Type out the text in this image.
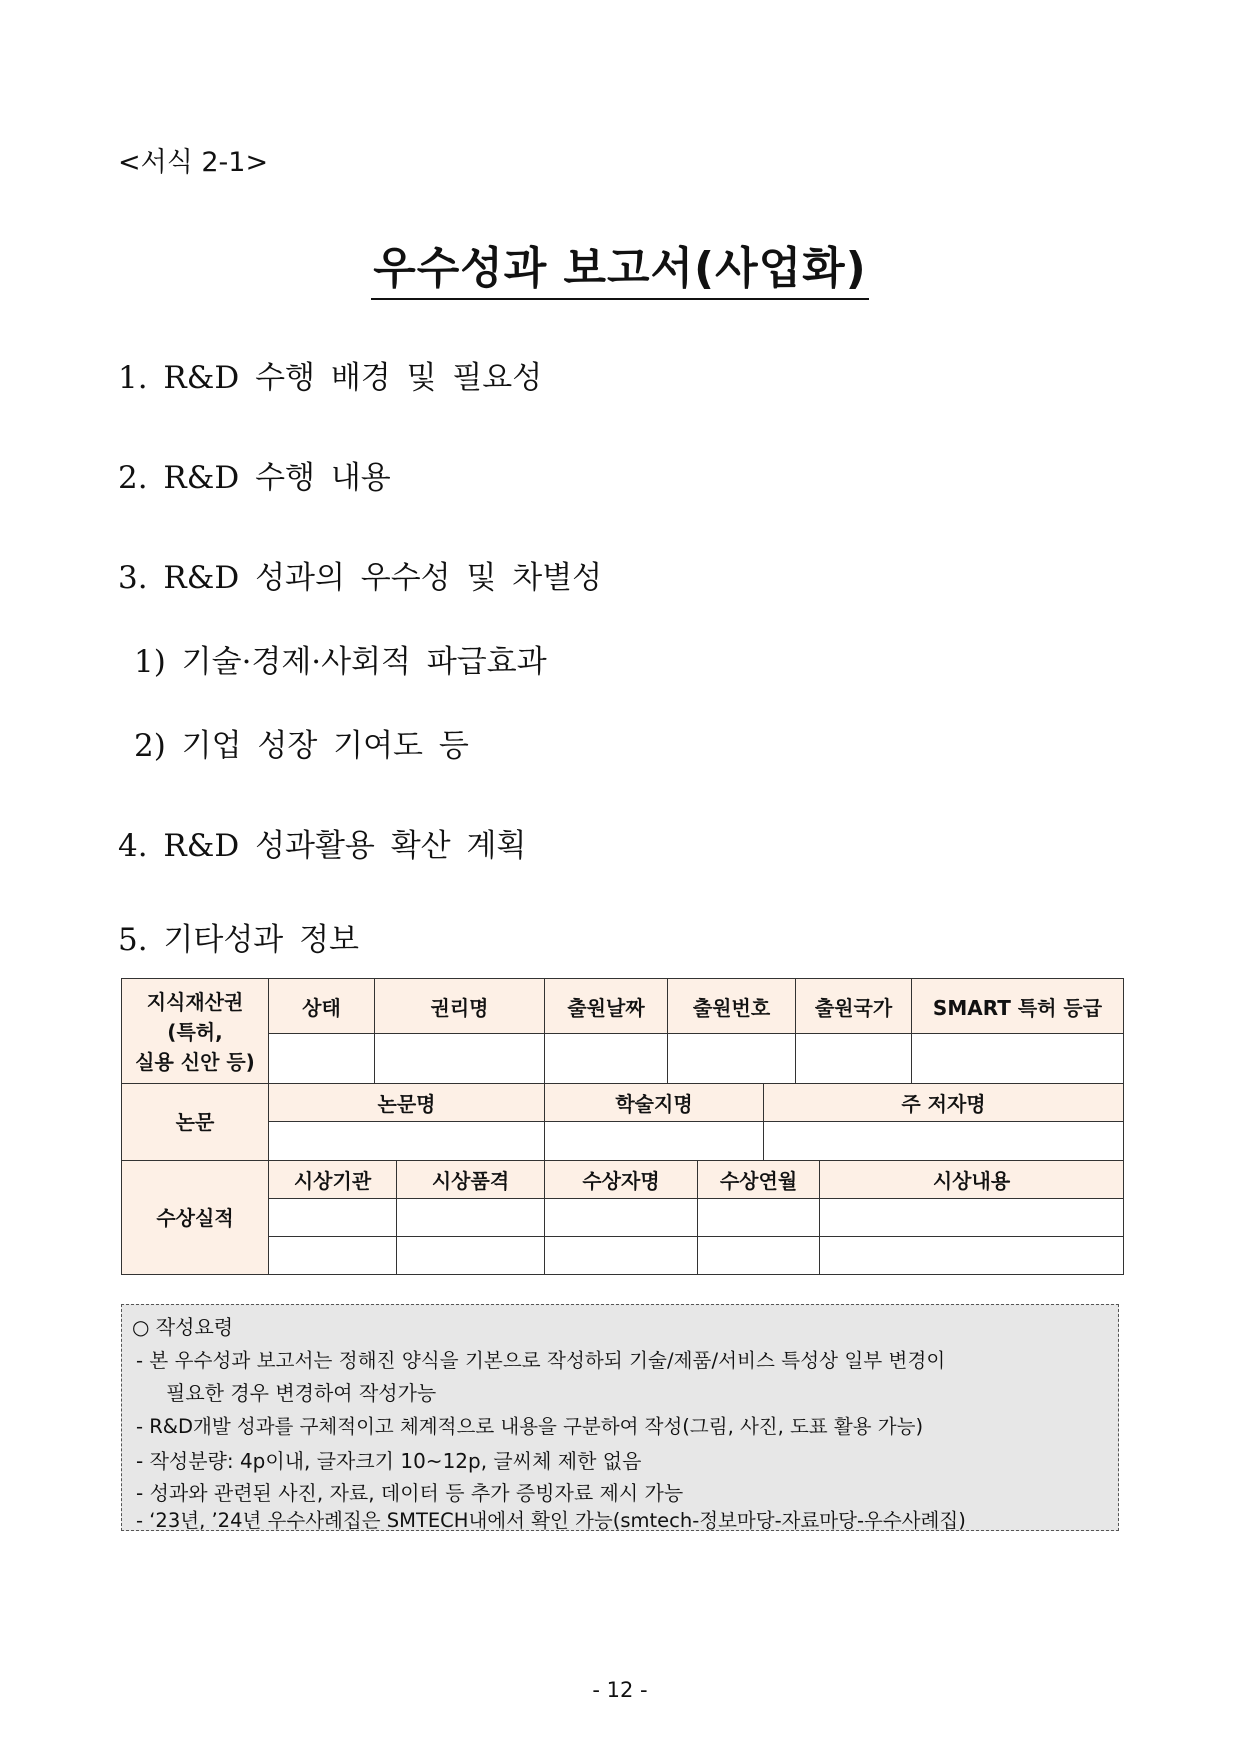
<서식 2-1>
우수성과 보고서(사업화)
1. R&D 수행 배경 및 필요성
2. R&D 수행 내용
3. R&D 성과의 우수성 및 차별성
1) 기술·경제·사회적 파급효과
2) 기업 성장 기여도 등
4. R&D 성과활용 확산 계획
5. 기타성과 정보
지식재산권
(특허,
실용 신안 등)	상태	권리명	출원날짜	출원번호	출원국가	SMART 특허 등급

논문	논문명	학술지명	주 저자명

수상실적	시상기관	시상품격	수상자명	수상연월	시상내용

○ 작성요령
- 본 우수성과 보고서는 정해진 양식을 기본으로 작성하되 기술/제품/서비스 특성상 일부 변경이
필요한 경우 변경하여 작성가능
- R&D개발 성과를 구체적이고 체계적으로 내용을 구분하여 작성(그림, 사진, 도표 활용 가능)
- 작성분량: 4p이내, 글자크기 10~12p, 글씨체 제한 없음
- 성과와 관련된 사진, 자료, 데이터 등 추가 증빙자료 제시 가능
- ‘23년, ’24년 우수사례집은 SMTECH내에서 확인 가능(smtech-정보마당-자료마당-우수사례집)
- 12 -
